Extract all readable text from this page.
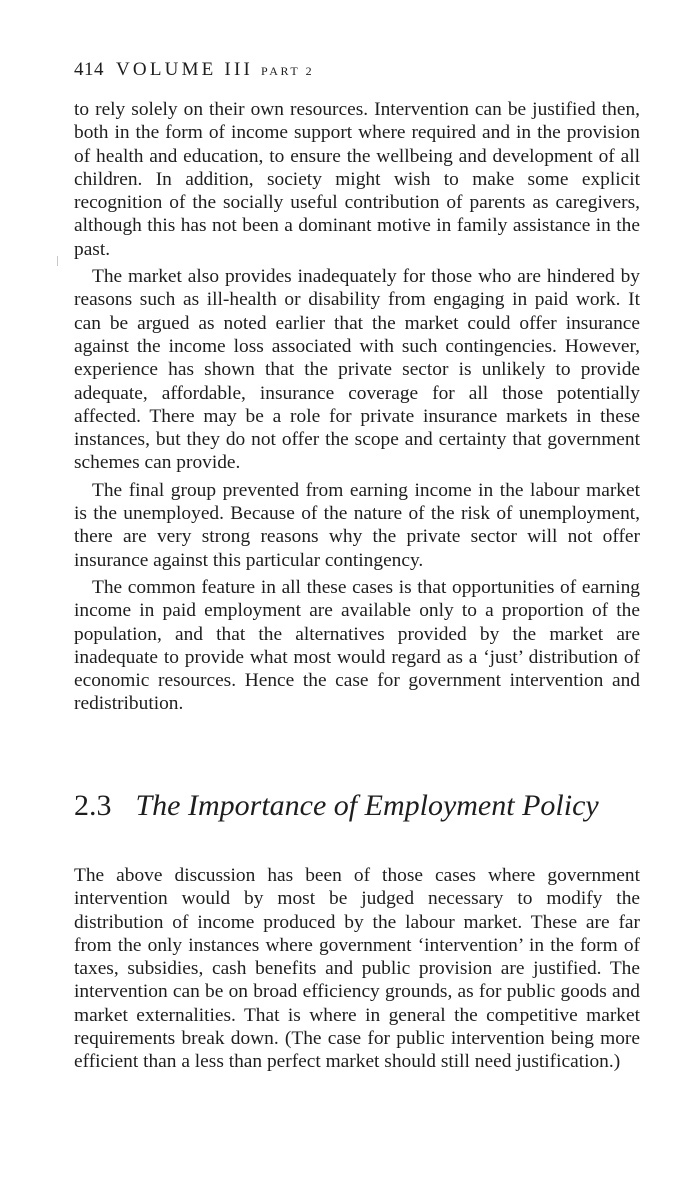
414 VOLUME III PART 2

to rely solely on their own resources. Intervention can be justified then, both in the form of income support where required and in the provision of health and education, to ensure the wellbeing and development of all children. In addition, society might wish to make some explicit recognition of the socially useful contribution of parents as caregivers, although this has not been a dominant motive in family assistance in the past.

The market also provides inadequately for those who are hindered by reasons such as ill-health or disability from engaging in paid work. It can be argued as noted earlier that the market could offer insurance against the income loss associated with such contingencies. However, experience has shown that the private sector is unlikely to provide adequate, affordable, insurance coverage for all those potentially affected. There may be a role for private insurance markets in these instances, but they do not offer the scope and certainty that government schemes can provide.

The final group prevented from earning income in the labour market is the unemployed. Because of the nature of the risk of unemployment, there are very strong reasons why the private sector will not offer insurance against this particular contingency.

The common feature in all these cases is that opportunities of earning income in paid employment are available only to a proportion of the population, and that the alternatives provided by the market are inadequate to provide what most would regard as a ‘just’ distribution of economic resources. Hence the case for government intervention and redistribution.

2.3 The Importance of Employment Policy

The above discussion has been of those cases where government intervention would by most be judged necessary to modify the distribution of income produced by the labour market. These are far from the only instances where government ‘intervention’ in the form of taxes, subsidies, cash benefits and public provision are justified. The intervention can be on broad efficiency grounds, as for public goods and market externalities. That is where in general the competitive market requirements break down. (The case for public intervention being more efficient than a less than perfect market should still need justification.)
